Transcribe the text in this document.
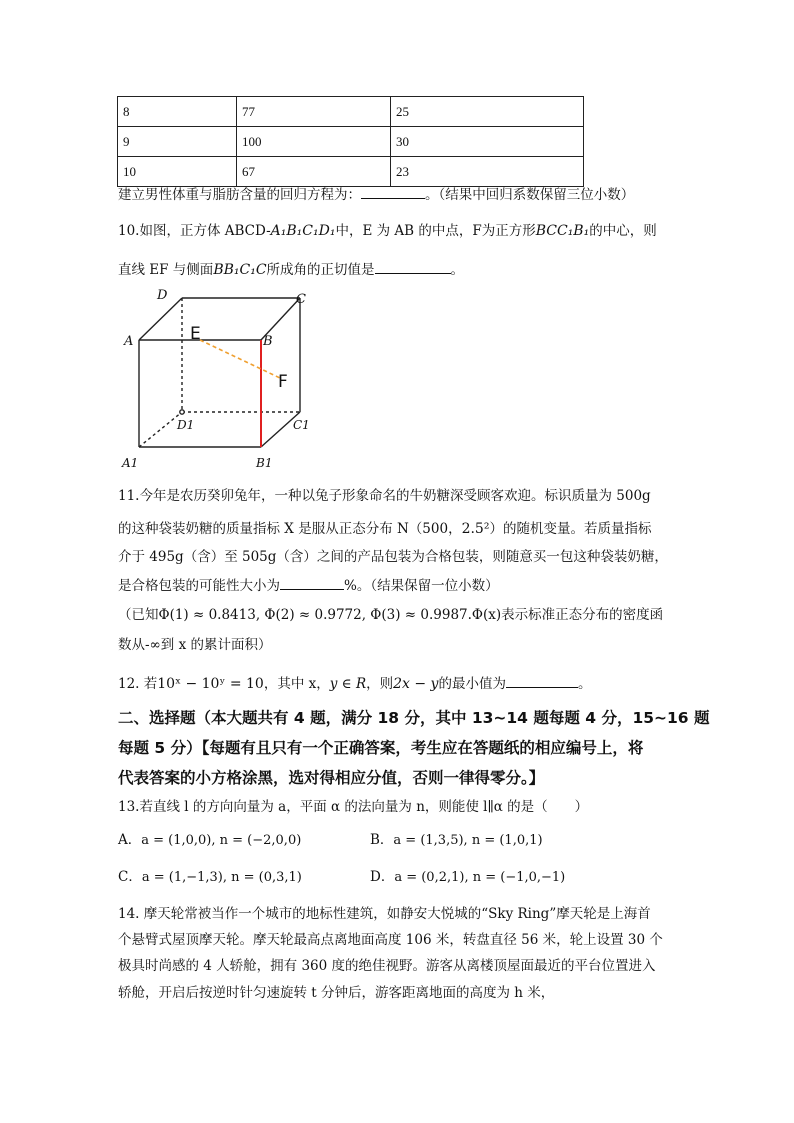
8	77	25
9	100	30
10	67	23
建立男性体重与脂肪含量的回归方程为：	。（结果中回归系数保留三位小数）
10.如图，正方体 ABCD-A₁B₁C₁D₁中，E 为 AB 的中点，F为正方形BCC₁B₁的中心，则
直线 EF 与侧面BB₁C₁C所成角的正切值是	。
D	C
A	B
D1	C1
A1	B1
E
F
11.今年是农历癸卯兔年，一种以兔子形象命名的牛奶糖深受顾客欢迎。标识质量为 500g
的这种袋装奶糖的质量指标 X 是服从正态分布 N（500，2.5²）的随机变量。若质量指标
介于 495g（含）至 505g（含）之间的产品包装为合格包装，则随意买一包这种袋装奶糖，
是合格包装的可能性大小为	%。（结果保留一位小数）
（已知Φ(1) ≈ 0.8413, Φ(2) ≈ 0.9772, Φ(3) ≈ 0.9987.Φ(x)表示标准正态分布的密度函
数从-∞到 x 的累计面积）
12. 若10ˣ − 10ʸ = 10，其中 x，y ∈ R，则2x − y的最小值为	。
二、选择题（本大题共有 4 题，满分 18 分，其中 13~14 题每题 4 分，15~16 题
每题 5 分）【每题有且只有一个正确答案，考生应在答题纸的相应编号上，将
代表答案的小方格涂黑，选对得相应分值，否则一律得零分。】
13.若直线 l 的方向向量为 a，平面 α 的法向量为 n，则能使 l∥α 的是（　　）
A．a = (1,0,0), n = (−2,0,0)	B．a = (1,3,5), n = (1,0,1)
C．a = (1,−1,3), n = (0,3,1)	D．a = (0,2,1), n = (−1,0,−1)
14. 摩天轮常被当作一个城市的地标性建筑，如静安大悦城的“Sky Ring”摩天轮是上海首
个悬臂式屋顶摩天轮。摩天轮最高点离地面高度 106 米，转盘直径 56 米，轮上设置 30 个
极具时尚感的 4 人轿舱，拥有 360 度的绝佳视野。游客从离楼顶屋面最近的平台位置进入
轿舱，开启后按逆时针匀速旋转 t 分钟后，游客距离地面的高度为 h 米，
